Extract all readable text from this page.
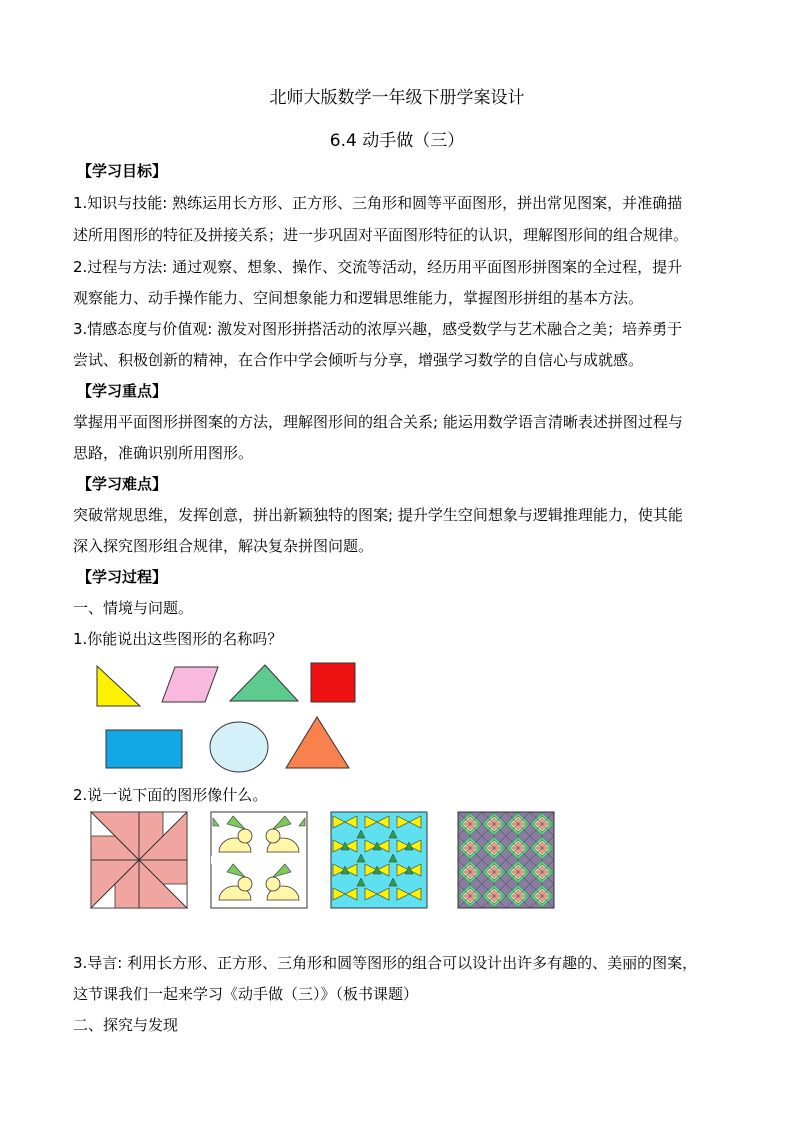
北师大版数学一年级下册学案设计
6.4 动手做（三）
【学习目标】
1.知识与技能: 熟练运用长方形、正方形、三角形和圆等平面图形，拼出常见图案，并准确描
述所用图形的特征及拼接关系；进一步巩固对平面图形特征的认识，理解图形间的组合规律。
2.过程与方法: 通过观察、想象、操作、交流等活动，经历用平面图形拼图案的全过程，提升
观察能力、动手操作能力、空间想象能力和逻辑思维能力，掌握图形拼组的基本方法。
3.情感态度与价值观: 激发对图形拼搭活动的浓厚兴趣，感受数学与艺术融合之美；培养勇于
尝试、积极创新的精神，在合作中学会倾听与分享，增强学习数学的自信心与成就感。
【学习重点】
掌握用平面图形拼图案的方法，理解图形间的组合关系; 能运用数学语言清晰表述拼图过程与
思路，准确识别所用图形。
【学习难点】
突破常规思维，发挥创意，拼出新颖独特的图案; 提升学生空间想象与逻辑推理能力，使其能
深入探究图形组合规律，解决复杂拼图问题。
【学习过程】
一、情境与问题。
1.你能说出这些图形的名称吗？
2.说一说下面的图形像什么。
3.导言: 利用长方形、正方形、三角形和圆等图形的组合可以设计出许多有趣的、美丽的图案，
这节课我们一起来学习《动手做（三）》（板书课题）
二、探究与发现
